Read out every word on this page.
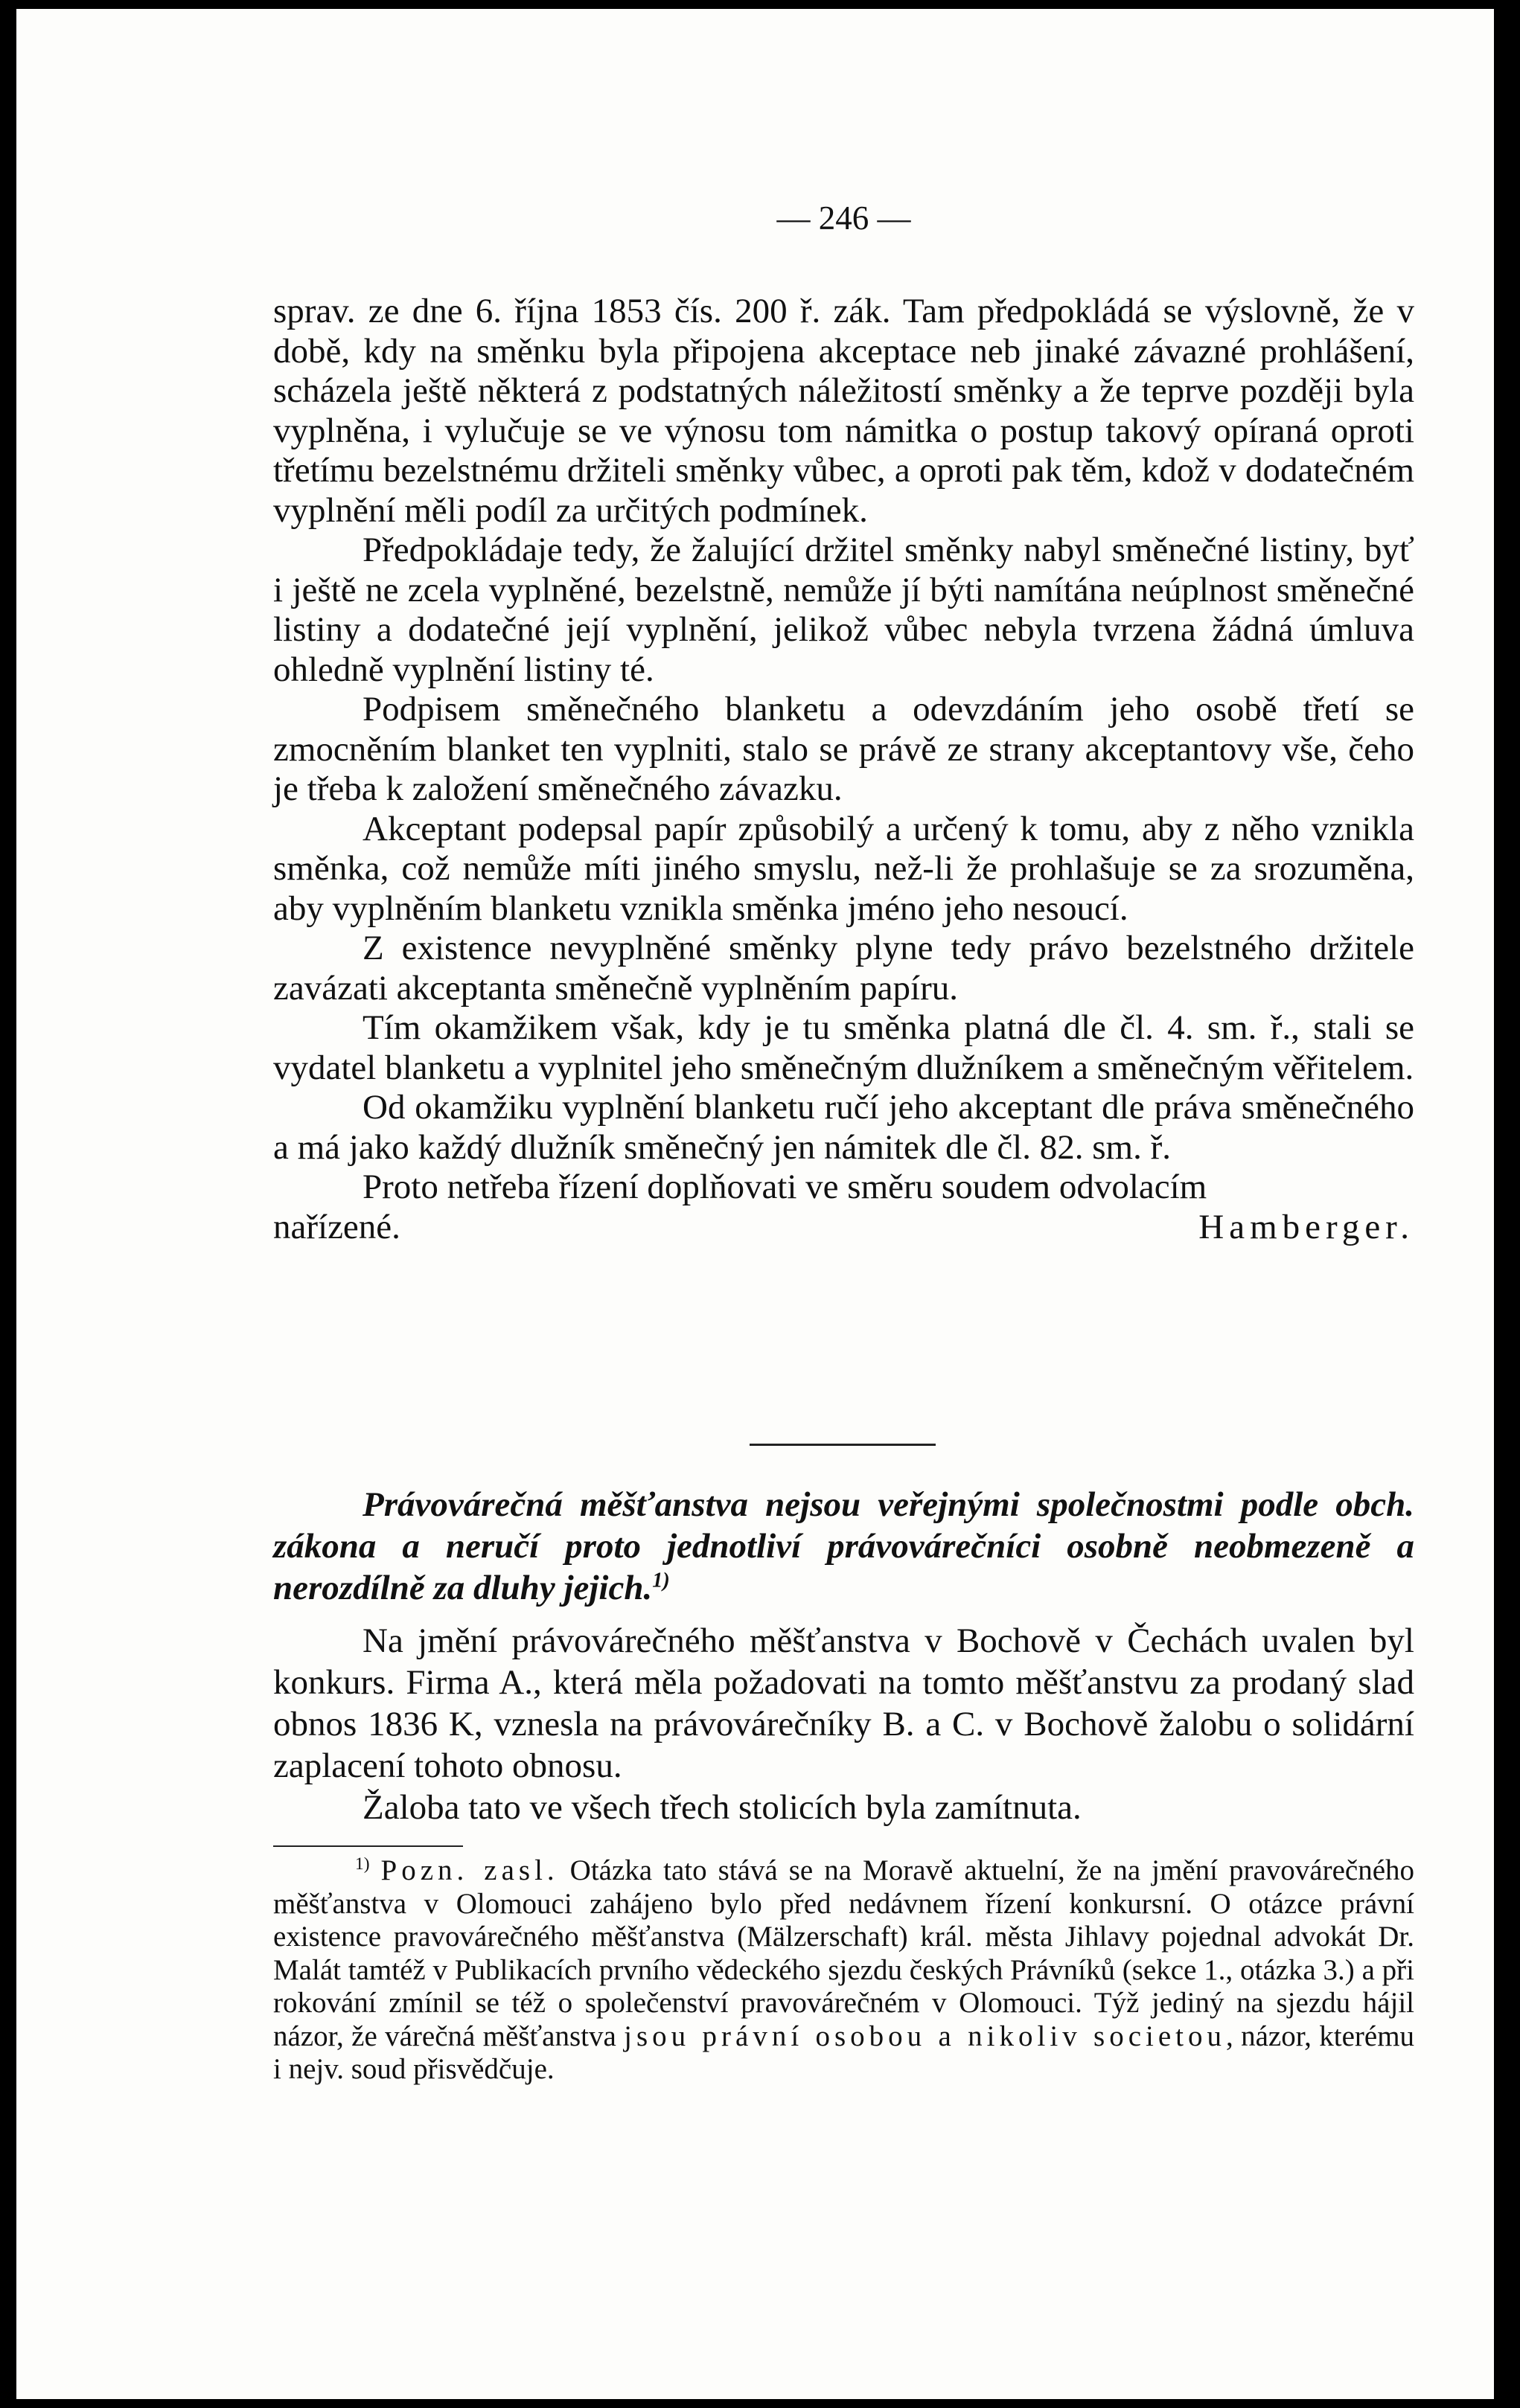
— 246 —

sprav. ze dne 6. října 1853 čís. 200 ř. zák. Tam předpokládá se výslovně, že v době, kdy na směnku byla připojena akceptace neb jinaké závazné prohlášení, scházela ještě některá z podstatných náležitostí směnky a že teprve později byla vyplněna, i vylučuje se ve výnosu tom námitka o postup takový opíraná oproti třetímu bezelstnému držiteli směnky vůbec, a oproti pak těm, kdož v dodatečném vyplnění měli podíl za určitých podmínek.

Předpokládaje tedy, že žalující držitel směnky nabyl směnečné listiny, byť i ještě ne zcela vyplněné, bezelstně, nemůže jí býti namítána neúplnost směnečné listiny a dodatečné její vyplnění, jelikož vůbec nebyla tvrzena žádná úmluva ohledně vyplnění listiny té.

Podpisem směnečného blanketu a odevzdáním jeho osobě třetí se zmocněním blanket ten vyplniti, stalo se právě ze strany akceptantovy vše, čeho je třeba k založení směnečného závazku.

Akceptant podepsal papír způsobilý a určený k tomu, aby z něho vznikla směnka, což nemůže míti jiného smyslu, než-li že prohlašuje se za srozuměna, aby vyplněním blanketu vznikla směnka jméno jeho nesoucí.

Z existence nevyplněné směnky plyne tedy právo bezelstného držitele zavázati akceptanta směnečně vyplněním papíru.

Tím okamžikem však, kdy je tu směnka platná dle čl. 4. sm. ř., stali se vydatel blanketu a vyplnitel jeho směnečným dlužníkem a směnečným věřitelem.

Od okamžiku vyplnění blanketu ručí jeho akceptant dle práva směnečného a má jako každý dlužník směnečný jen námitek dle čl. 82. sm. ř.

Proto netřeba řízení doplňovati ve směru soudem odvolacím

nařízené.	Hamberger.

Právovárečná měšťanstva nejsou veřejnými společnostmi podle obch. zákona a neručí proto jednotliví právovárečníci osobně neobmezeně a nerozdílně za dluhy jejich.$^{1)}$

Na jmění právovárečného měšťanstva v Bochově v Čechách uvalen byl konkurs. Firma A., která měla požadovati na tomto měšťanstvu za prodaný slad obnos 1836 K, vznesla na právovárečníky B. a C. v Bochově žalobu o solidární zaplacení tohoto obnosu.

Žaloba tato ve všech třech stolicích byla zamítnuta.

$^{1)}$ Pozn. zasl. Otázka tato stává se na Moravě aktuelní, že na jmění pravovárečného měšťanstva v Olomouci zahájeno bylo před nedávnem řízení konkursní. O otázce právní existence pravovárečného měšťanstva (Mälzerschaft) král. města Jihlavy pojednal advokát Dr. Malát tamtéž v Publikacích prvního vědeckého sjezdu českých Právníků (sekce 1., otázka 3.) a při rokování zmínil se též o společenství pravovárečném v Olomouci. Týž jediný na sjezdu hájil názor, že várečná měšťanstva jsou právní osobou a nikoliv societou, názor, kterému i nejv. soud přisvědčuje.
